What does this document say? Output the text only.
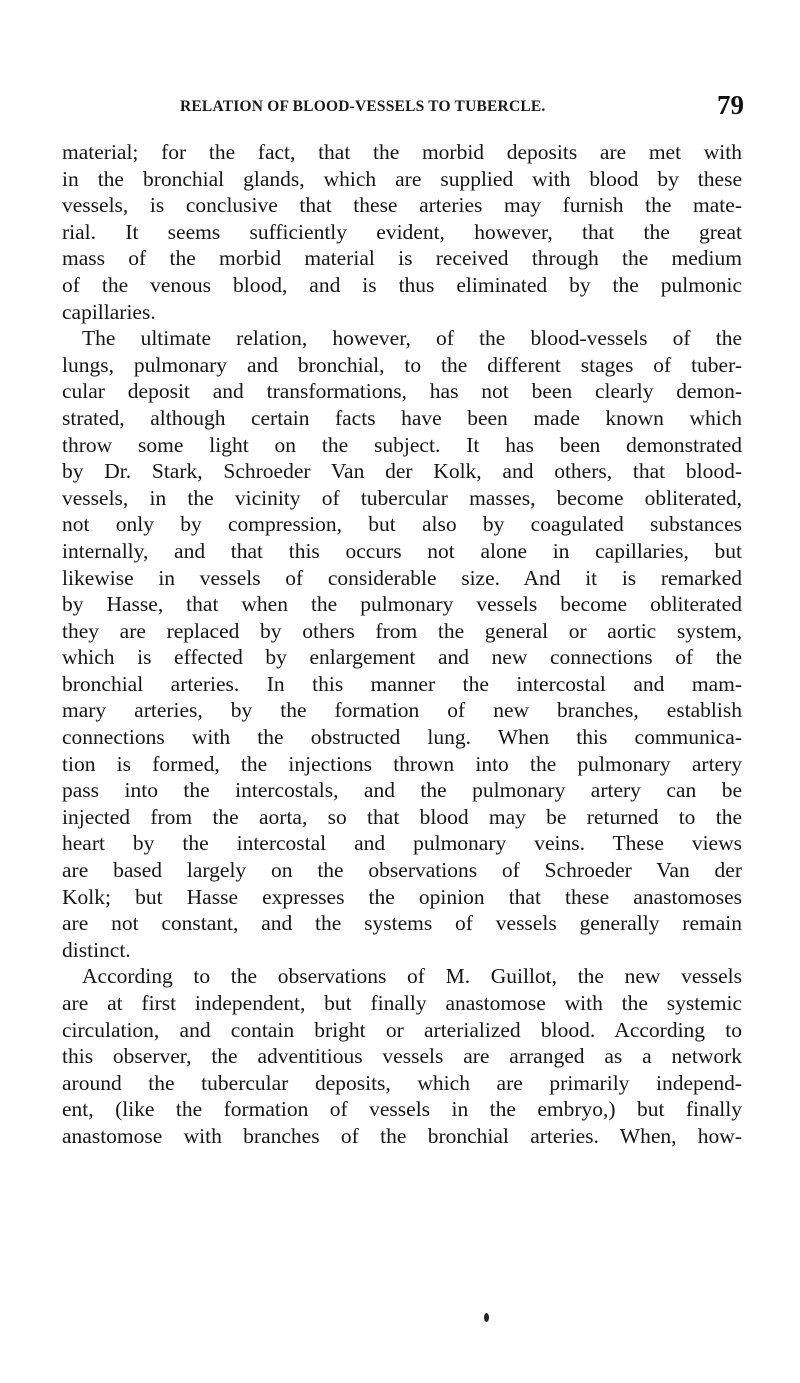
RELATION OF BLOOD-VESSELS TO TUBERCLE.	79
material; for the fact, that the morbid deposits are met with
in the bronchial glands, which are supplied with blood by these
vessels, is conclusive that these arteries may furnish the mate-
rial. It seems sufficiently evident, however, that the great
mass of the morbid material is received through the medium
of the venous blood, and is thus eliminated by the pulmonic
capillaries.
The ultimate relation, however, of the blood-vessels of the
lungs, pulmonary and bronchial, to the different stages of tuber-
cular deposit and transformations, has not been clearly demon-
strated, although certain facts have been made known which
throw some light on the subject. It has been demonstrated
by Dr. Stark, Schroeder Van der Kolk, and others, that blood-
vessels, in the vicinity of tubercular masses, become obliterated,
not only by compression, but also by coagulated substances
internally, and that this occurs not alone in capillaries, but
likewise in vessels of considerable size. And it is remarked
by Hasse, that when the pulmonary vessels become obliterated
they are replaced by others from the general or aortic system,
which is effected by enlargement and new connections of the
bronchial arteries. In this manner the intercostal and mam-
mary arteries, by the formation of new branches, establish
connections with the obstructed lung. When this communica-
tion is formed, the injections thrown into the pulmonary artery
pass into the intercostals, and the pulmonary artery can be
injected from the aorta, so that blood may be returned to the
heart by the intercostal and pulmonary veins. These views
are based largely on the observations of Schroeder Van der
Kolk; but Hasse expresses the opinion that these anastomoses
are not constant, and the systems of vessels generally remain
distinct.
According to the observations of M. Guillot, the new vessels
are at first independent, but finally anastomose with the systemic
circulation, and contain bright or arterialized blood. According to
this observer, the adventitious vessels are arranged as a network
around the tubercular deposits, which are primarily independ-
ent, (like the formation of vessels in the embryo,) but finally
anastomose with branches of the bronchial arteries. When, how-
